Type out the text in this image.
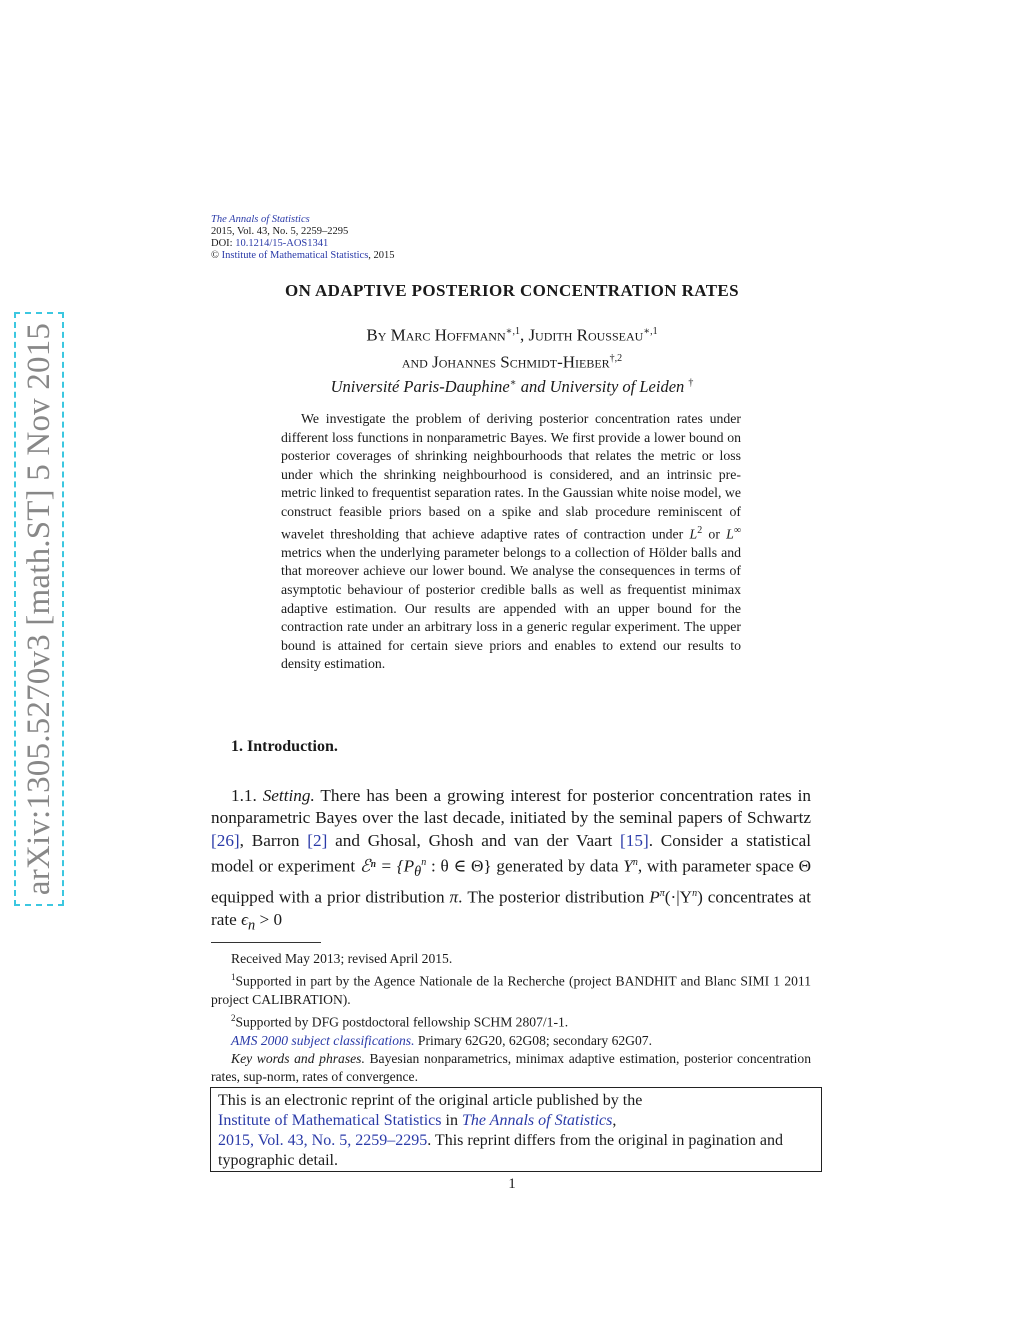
arXiv:1305.5270v3 [math.ST] 5 Nov 2015
The Annals of Statistics
2015, Vol. 43, No. 5, 2259–2295
DOI: 10.1214/15-AOS1341
© Institute of Mathematical Statistics, 2015
ON ADAPTIVE POSTERIOR CONCENTRATION RATES
By Marc Hoffmann$^{∗,1}$, Judith Rousseau$^{∗,1}$
and Johannes Schmidt-Hieber$^{\dagger,2}$
Université Paris-Dauphine∗ and University of Leiden †
We investigate the problem of deriving posterior concentration rates under different loss functions in nonparametric Bayes. We first provide a lower bound on posterior coverages of shrinking neighbourhoods that relates the metric or loss under which the shrinking neighbourhood is considered, and an intrinsic pre-metric linked to frequentist separation rates. In the Gaussian white noise model, we construct feasible priors based on a spike and slab procedure reminiscent of wavelet thresholding that achieve adaptive rates of contraction under $L^2$ or L∞ metrics when the underlying parameter belongs to a collection of Hölder balls and that moreover achieve our lower bound. We analyse the consequences in terms of asymptotic behaviour of posterior credible balls as well as frequentist minimax adaptive estimation. Our results are appended with an upper bound for the contraction rate under an arbitrary loss in a generic regular experiment. The upper bound is attained for certain sieve priors and enables to extend our results to density estimation.
1. Introduction.
1.1. Setting. There has been a growing interest for posterior concentration rates in nonparametric Bayes over the last decade, initiated by the seminal papers of Schwartz [26], Barron [2] and Ghosal, Ghosh and van der Vaart [15]. Consider a statistical model or experiment ℰⁿ = {$P_\theta^n$ : θ ∈ Θ} generated by data $Y^n$, with parameter space Θ equipped with a prior distribution π. The posterior distribution $P^\pi(\cdot|Y^n)$ concentrates at rate $\epsilon_n > 0$

Received May 2013; revised April 2015.

$^1$Supported in part by the Agence Nationale de la Recherche (project BANDHIT and Blanc SIMI 1 2011 project CALIBRATION).

$^2$Supported by DFG postdoctoral fellowship SCHM 2807/1-1.

AMS 2000 subject classifications. Primary 62G20, 62G08; secondary 62G07.

Key words and phrases. Bayesian nonparametrics, minimax adaptive estimation, posterior concentration rates, sup-norm, rates of convergence.

This is an electronic reprint of the original article published by the
Institute of Mathematical Statistics in The Annals of Statistics,
2015, Vol. 43, No. 5, 2259–2295. This reprint differs from the original in pagination and typographic detail.
1
